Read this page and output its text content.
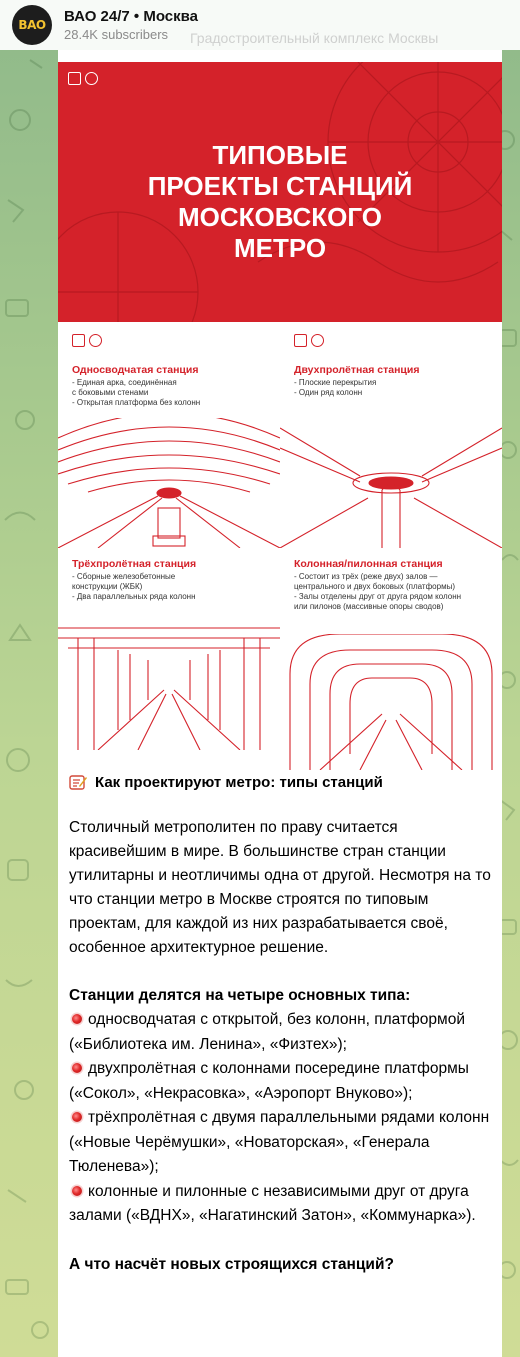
ВАО
ВАО 24/7 • Москва
28.4K subscribers	Градостроительный комплекс Москвы
ТИПОВЫЕ
ПРОЕКТЫ СТАНЦИЙ
МОСКОВСКОГО
МЕТРО
Односводчатая станция
- Единая арка, соединённая
с боковыми стенами
- Открытая платформа без колонн
Двухпролётная станция
- Плоские перекрытия
- Один ряд колонн
Трёхпролётная станция
- Сборные железобетонные
конструкции (ЖБК)
- Два параллельных ряда колонн
Колонная/пилонная станция
- Состоит из трёх (реже двух) залов —
центрального и двух боковых (платформы)
- Залы отделены друг от друга рядом колонн
или пилонов (массивные опоры сводов)
Как проектируют метро: типы станций
Столичный метрополитен по праву считается красивейшим в мире. В большинстве стран станции утилитарны и неотличимы одна от другой. Несмотря на то что станции метро в Москве строятся по типовым проектам, для каждой из них разрабатывается своё, особенное архитектурное решение.
Станции делятся на четыре основных типа:
односводчатая с открытой, без колонн, платформой («Библиотека им. Ленина», «Физтех»);
двухпролётная с колоннами посередине платформы («Сокол», «Некрасовка», «Аэропорт Внуково»);
трёхпролётная с двумя параллельными рядами колонн («Новые Черёмушки», «Новаторская», «Генерала Тюленева»);
колонные и пилонные с независимыми друг от друга залами («ВДНХ», «Нагатинский Затон», «Коммунарка»).
А что насчёт новых строящихся станций?
